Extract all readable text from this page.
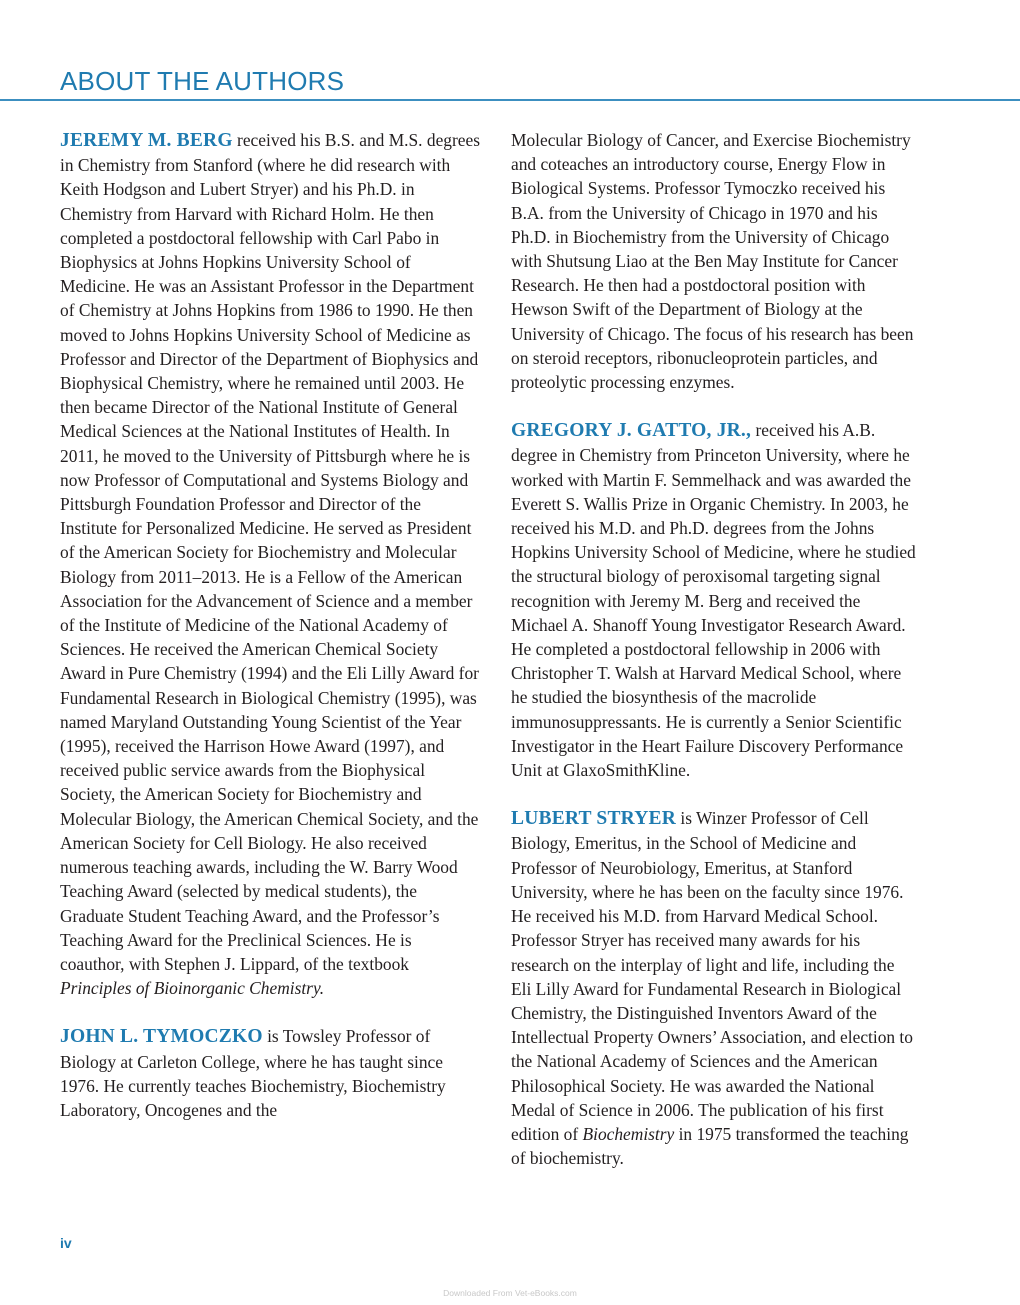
ABOUT THE AUTHORS

JEREMY M. BERG received his B.S. and M.S. degrees in Chemistry from Stanford (where he did research with Keith Hodgson and Lubert Stryer) and his Ph.D. in Chemistry from Harvard with Richard Holm. He then completed a postdoctoral fellowship with Carl Pabo in Biophysics at Johns Hopkins University School of Medicine. He was an Assistant Professor in the Department of Chemistry at Johns Hopkins from 1986 to 1990. He then moved to Johns Hopkins University School of Medicine as Professor and Director of the Department of Biophysics and Biophysical Chemistry, where he remained until 2003. He then became Director of the National Institute of General Medical Sciences at the National Institutes of Health. In 2011, he moved to the University of Pittsburgh where he is now Professor of Computational and Systems Biology and Pittsburgh Foundation Professor and Director of the Institute for Personalized Medicine. He served as President of the American Society for Biochemistry and Molecular Biology from 2011–2013. He is a Fellow of the American Association for the Advancement of Science and a member of the Institute of Medicine of the National Academy of Sciences. He received the American Chemical Society Award in Pure Chemistry (1994) and the Eli Lilly Award for Fundamental Research in Biological Chemistry (1995), was named Maryland Outstanding Young Scientist of the Year (1995), received the Harrison Howe Award (1997), and received public service awards from the Biophysical Society, the American Society for Biochemistry and Molecular Biology, the American Chemical Society, and the American Society for Cell Biology. He also received numerous teaching awards, including the W. Barry Wood Teaching Award (selected by medical students), the Graduate Student Teaching Award, and the Professor’s Teaching Award for the Preclinical Sciences. He is coauthor, with Stephen J. Lippard, of the textbook Principles of Bioinorganic Chemistry.

JOHN L. TYMOCZKO is Towsley Professor of Biology at Carleton College, where he has taught since 1976. He currently teaches Biochemistry, Biochemistry Laboratory, Oncogenes and the

Molecular Biology of Cancer, and Exercise Biochemistry and coteaches an introductory course, Energy Flow in Biological Systems. Professor Tymoczko received his B.A. from the University of Chicago in 1970 and his Ph.D. in Biochemistry from the University of Chicago with Shutsung Liao at the Ben May Institute for Cancer Research. He then had a postdoctoral position with Hewson Swift of the Department of Biology at the University of Chicago. The focus of his research has been on steroid receptors, ribonucleoprotein particles, and proteolytic processing enzymes.

GREGORY J. GATTO, JR., received his A.B. degree in Chemistry from Princeton University, where he worked with Martin F. Semmelhack and was awarded the Everett S. Wallis Prize in Organic Chemistry. In 2003, he received his M.D. and Ph.D. degrees from the Johns Hopkins University School of Medicine, where he studied the structural biology of peroxisomal targeting signal recognition with Jeremy M. Berg and received the Michael A. Shanoff Young Investigator Research Award. He completed a postdoctoral fellowship in 2006 with Christopher T. Walsh at Harvard Medical School, where he studied the biosynthesis of the macrolide immunosuppressants. He is currently a Senior Scientific Investigator in the Heart Failure Discovery Performance Unit at GlaxoSmithKline.

LUBERT STRYER is Winzer Professor of Cell Biology, Emeritus, in the School of Medicine and Professor of Neurobiology, Emeritus, at Stanford University, where he has been on the faculty since 1976. He received his M.D. from Harvard Medical School. Professor Stryer has received many awards for his research on the interplay of light and life, including the Eli Lilly Award for Fundamental Research in Biological Chemistry, the Distinguished Inventors Award of the Intellectual Property Owners’ Association, and election to the National Academy of Sciences and the American Philosophical Society. He was awarded the National Medal of Science in 2006. The publication of his first edition of Biochemistry in 1975 transformed the teaching of biochemistry.

iv
Downloaded From Vet-eBooks.com
